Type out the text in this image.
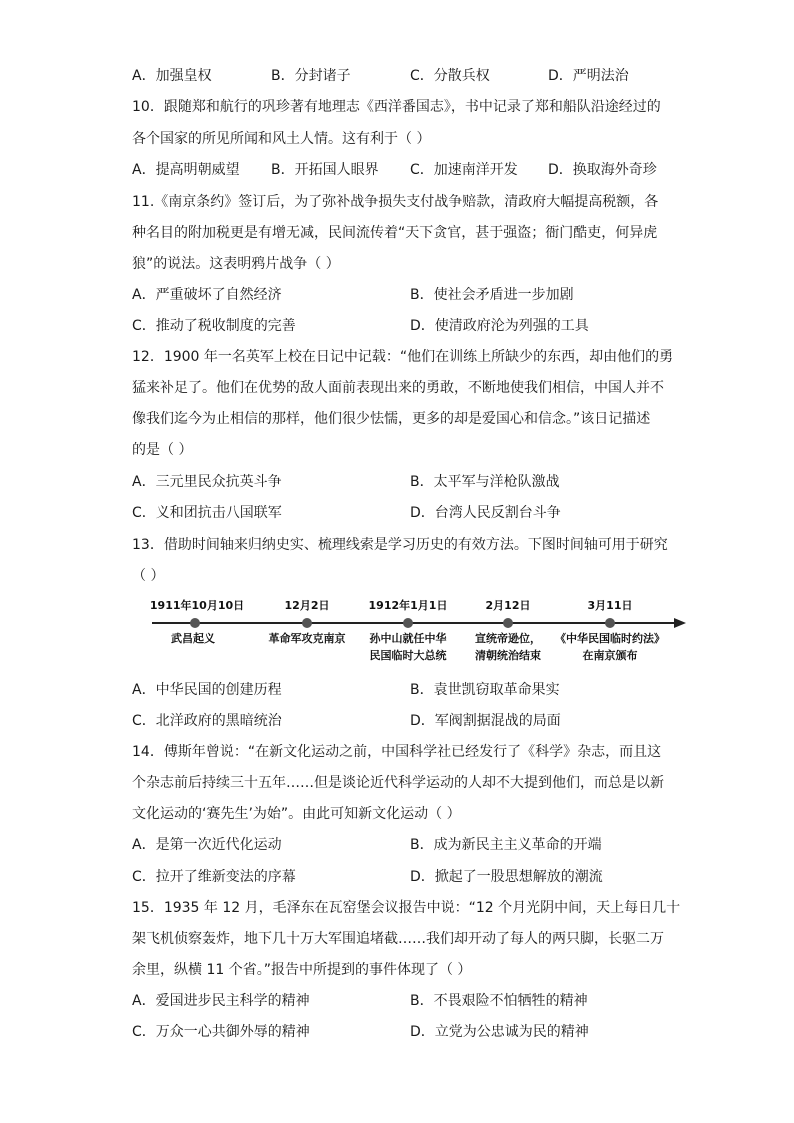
A．加强皇权	B．分封诸子	C．分散兵权	D．严明法治
10．跟随郑和航行的巩珍著有地理志《西洋番国志》，书中记录了郑和船队沿途经过的
各个国家的所见所闻和风土人情。这有利于（ ）
A．提高明朝威望 B．开拓国人眼界 C．加速南洋开发 D．换取海外奇珍
11.《南京条约》签订后，为了弥补战争损失支付战争赔款，清政府大幅提高税额，各
种名目的附加税更是有增无减，民间流传着“天下贪官，甚于强盗；衙门酷吏，何异虎
狼”的说法。这表明鸦片战争（ ）
A．严重破坏了自然经济	B．使社会矛盾进一步加剧
C．推动了税收制度的完善	D．使清政府沦为列强的工具
12．1900 年一名英军上校在日记中记载：“他们在训练上所缺少的东西，却由他们的勇
猛来补足了。他们在优势的敌人面前表现出来的勇敢，不断地使我们相信，中国人并不
像我们迄今为止相信的那样，他们很少怯懦，更多的却是爱国心和信念。”该日记描述
的是（ ）
A．三元里民众抗英斗争	B．太平军与洋枪队激战
C．义和团抗击八国联军	D．台湾人民反割台斗争
13．借助时间轴来归纳史实、梳理线索是学习历史的有效方法。下图时间轴可用于研究
（ ）
1911年10月10日
武昌起义
12月2日
革命军攻克南京
1912年1月1日
孙中山就任中华
民国临时大总统
2月12日
宣统帝逊位，
清朝统治结束
3月11日
《中华民国临时约法》
在南京颁布
A．中华民国的创建历程	B．袁世凯窃取革命果实
C．北洋政府的黑暗统治	D．军阀割据混战的局面
14．傅斯年曾说：“在新文化运动之前，中国科学社已经发行了《科学》杂志，而且这
个杂志前后持续三十五年……但是谈论近代科学运动的人却不大提到他们，而总是以新
文化运动的‘赛先生’为始”。由此可知新文化运动（ ）
A．是第一次近代化运动	B．成为新民主主义革命的开端
C．拉开了维新变法的序幕	D．掀起了一股思想解放的潮流
15．1935 年 12 月，毛泽东在瓦窑堡会议报告中说：“12 个月光阴中间，天上每日几十
架飞机侦察轰炸，地下几十万大军围追堵截……我们却开动了每人的两只脚，长驱二万
余里，纵横 11 个省。”报告中所提到的事件体现了（ ）
A．爱国进步民主科学的精神	B．不畏艰险不怕牺牲的精神
C．万众一心共御外辱的精神	D．立党为公忠诚为民的精神
